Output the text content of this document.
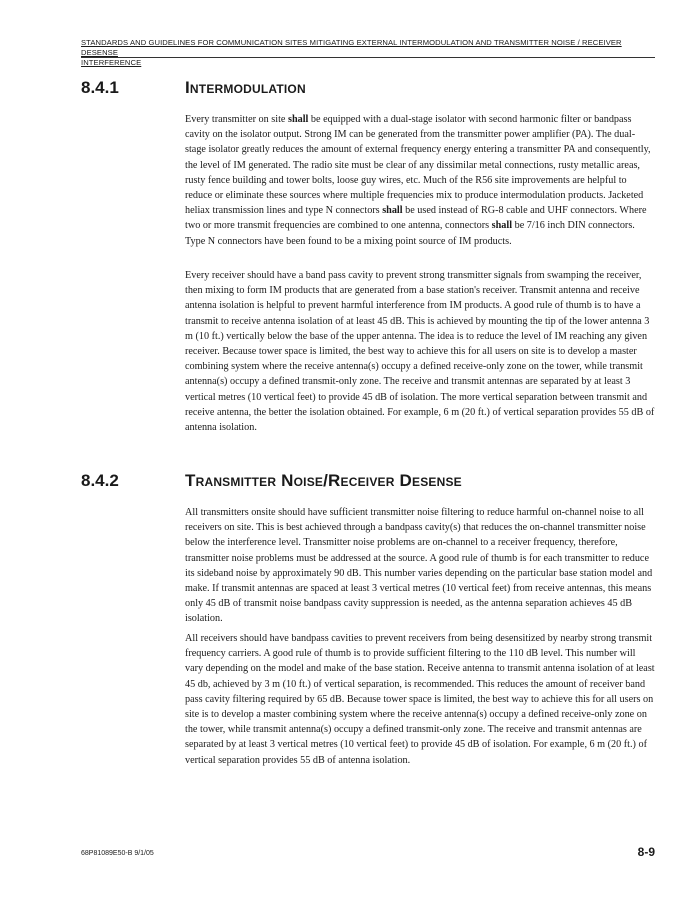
STANDARDS AND GUIDELINES FOR COMMUNICATION SITES MITIGATING EXTERNAL INTERMODULATION AND TRANSMITTER NOISE / RECEIVER DESENSE
INTERFERENCE
8.4.1	Intermodulation

Every transmitter on site shall be equipped with a dual-stage isolator with second harmonic filter or bandpass cavity on the isolator output. Strong IM can be generated from the transmitter power amplifier (PA). The dual-stage isolator greatly reduces the amount of external frequency energy entering a transmitter PA and consequently, the level of IM generated. The radio site must be clear of any dissimilar metal connections, rusty metallic areas, rusty fence building and tower bolts, loose guy wires, etc. Much of the R56 site improvements are helpful to reduce or eliminate these sources where multiple frequencies mix to produce intermodulation products. Jacketed heliax transmission lines and type N connectors shall be used instead of RG-8 cable and UHF connectors. Where two or more transmit frequencies are combined to one antenna, connectors shall be 7/16 inch DIN connectors. Type N connectors have been found to be a mixing point source of IM products.

Every receiver should have a band pass cavity to prevent strong transmitter signals from swamping the receiver, then mixing to form IM products that are generated from a base station's receiver. Transmit antenna and receive antenna isolation is helpful to prevent harmful interference from IM products. A good rule of thumb is to have a transmit to receive antenna isolation of at least 45 dB. This is achieved by mounting the tip of the lower antenna 3 m (10 ft.) vertically below the base of the upper antenna. The idea is to reduce the level of IM reaching any given receiver. Because tower space is limited, the best way to achieve this for all users on site is to develop a master combining system where the receive antenna(s) occupy a defined receive-only zone on the tower, while transmit antenna(s) occupy a defined transmit-only zone. The receive and transmit antennas are separated by at least 3 vertical metres (10 vertical feet) to provide 45 dB of isolation. The more vertical separation between transmit and receive antenna, the better the isolation obtained. For example, 6 m (20 ft.) of vertical separation provides 55 dB of antenna isolation.

8.4.2	Transmitter Noise/Receiver Desense

All transmitters onsite should have sufficient transmitter noise filtering to reduce harmful on-channel noise to all receivers on site. This is best achieved through a bandpass cavity(s) that reduces the on-channel transmitter noise below the interference level. Transmitter noise problems are on-channel to a receiver frequency, therefore, transmitter noise problems must be addressed at the source. A good rule of thumb is for each transmitter to reduce its sideband noise by approximately 90 dB. This number varies depending on the particular base station model and make. If transmit antennas are spaced at least 3 vertical metres (10 vertical feet) from receive antennas, this means only 45 dB of transmit noise bandpass cavity suppression is needed, as the antenna separation achieves 45 dB isolation.

All receivers should have bandpass cavities to prevent receivers from being desensitized by nearby strong transmit frequency carriers. A good rule of thumb is to provide sufficient filtering to the 110 dB level. This number will vary depending on the model and make of the base station. Receive antenna to transmit antenna isolation of at least 45 db, achieved by 3 m (10 ft.) of vertical separation, is recommended. This reduces the amount of receiver band pass cavity filtering required by 65 dB. Because tower space is limited, the best way to achieve this for all users on site is to develop a master combining system where the receive antenna(s) occupy a defined receive-only zone on the tower, while transmit antenna(s) occupy a defined transmit-only zone. The receive and transmit antennas are separated by at least 3 vertical metres (10 vertical feet) to provide 45 dB of isolation. For example, 6 m (20 ft.) of vertical separation provides 55 dB of antenna isolation.

68P81089E50-B 9/1/05	8-9
